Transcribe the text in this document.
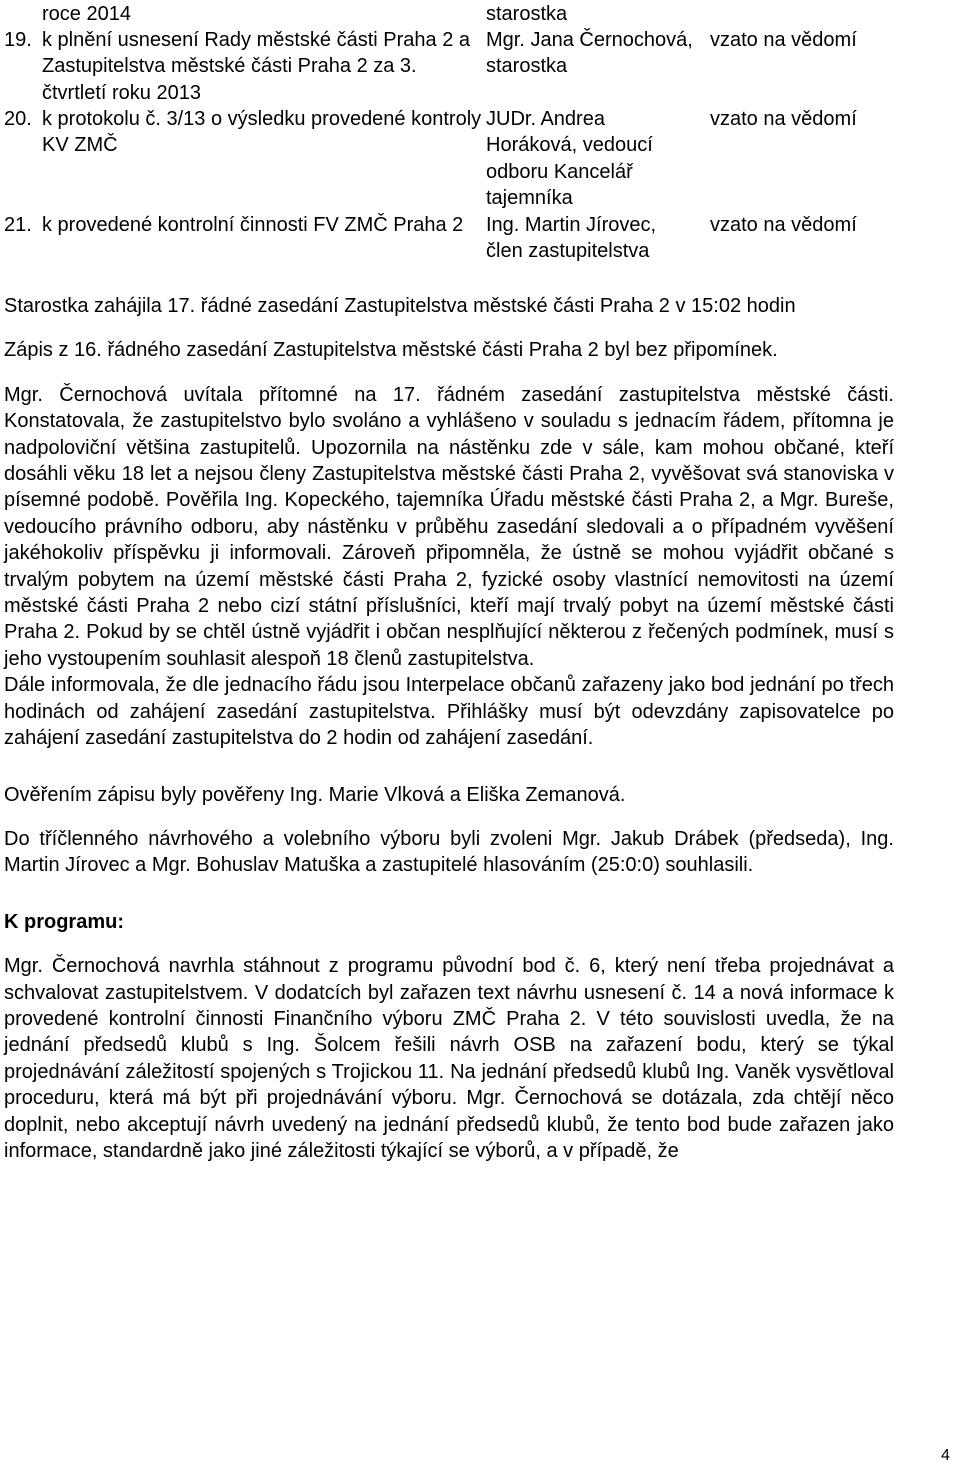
roce 2014	starostka
19. k plnění usnesení Rady městské části Praha 2 a Zastupitelstva městské části Praha 2 za 3. čtvrtletí roku 2013
Mgr. Jana Černochová, starostka
vzato na vědomí
20. k protokolu č. 3/13 o výsledku provedené kontroly KV ZMČ
JUDr. Andrea Horáková, vedoucí odboru Kancelář tajemníka
vzato na vědomí
21. k provedené kontrolní činnosti FV ZMČ Praha 2	Ing. Martin Jírovec, člen zastupitelstva
vzato na vědomí

Starostka zahájila 17. řádné zasedání Zastupitelstva městské části Praha 2 v 15:02 hodin

Zápis z 16. řádného zasedání Zastupitelstva městské části Praha 2 byl bez připomínek.

Mgr. Černochová uvítala přítomné na 17. řádném zasedání zastupitelstva městské části. Konstatovala, že zastupitelstvo bylo svoláno a vyhlášeno v souladu s jednacím řádem, přítomna je nadpoloviční většina zastupitelů. Upozornila na nástěnku zde v sále, kam mohou občané, kteří dosáhli věku 18 let a nejsou členy Zastupitelstva městské části Praha 2, vyvěšovat svá stanoviska v písemné podobě. Pověřila Ing. Kopeckého, tajemníka Úřadu městské části Praha 2, a Mgr. Bureše, vedoucího právního odboru, aby nástěnku v průběhu zasedání sledovali a o případném vyvěšení jakéhokoliv příspěvku ji informovali. Zároveň připomněla, že ústně se mohou vyjádřit občané s trvalým pobytem na území městské části Praha 2, fyzické osoby vlastnící nemovitosti na území městské části Praha 2 nebo cizí státní příslušníci, kteří mají trvalý pobyt na území městské části Praha 2. Pokud by se chtěl ústně vyjádřit i občan nesplňující některou z řečených podmínek, musí s jeho vystoupením souhlasit alespoň 18 členů zastupitelstva.

Dále informovala, že dle jednacího řádu jsou Interpelace občanů zařazeny jako bod jednání po třech hodinách od zahájení zasedání zastupitelstva. Přihlášky musí být odevzdány zapisovatelce po zahájení zasedání zastupitelstva do 2 hodin od zahájení zasedání.

Ověřením zápisu byly pověřeny Ing. Marie Vlková a Eliška Zemanová.

Do tříčlenného návrhového a volebního výboru byli zvoleni Mgr. Jakub Drábek (předseda), Ing. Martin Jírovec a Mgr. Bohuslav Matuška a zastupitelé hlasováním (25:0:0) souhlasili.

K programu:

Mgr. Černochová navrhla stáhnout z programu původní bod č. 6, který není třeba projednávat a schvalovat zastupitelstvem. V dodatcích byl zařazen text návrhu usnesení č. 14 a nová informace k provedené kontrolní činnosti Finančního výboru ZMČ Praha 2. V této souvislosti uvedla, že na jednání předsedů klubů s Ing. Šolcem řešili návrh OSB na zařazení bodu, který se týkal projednávání záležitostí spojených s Trojickou 11. Na jednání předsedů klubů Ing. Vaněk vysvětloval proceduru, která má být při projednávání výboru. Mgr. Černochová se dotázala, zda chtějí něco doplnit, nebo akceptují návrh uvedený na jednání předsedů klubů, že tento bod bude zařazen jako informace, standardně jako jiné záležitosti týkající se výborů, a v případě, že

4
